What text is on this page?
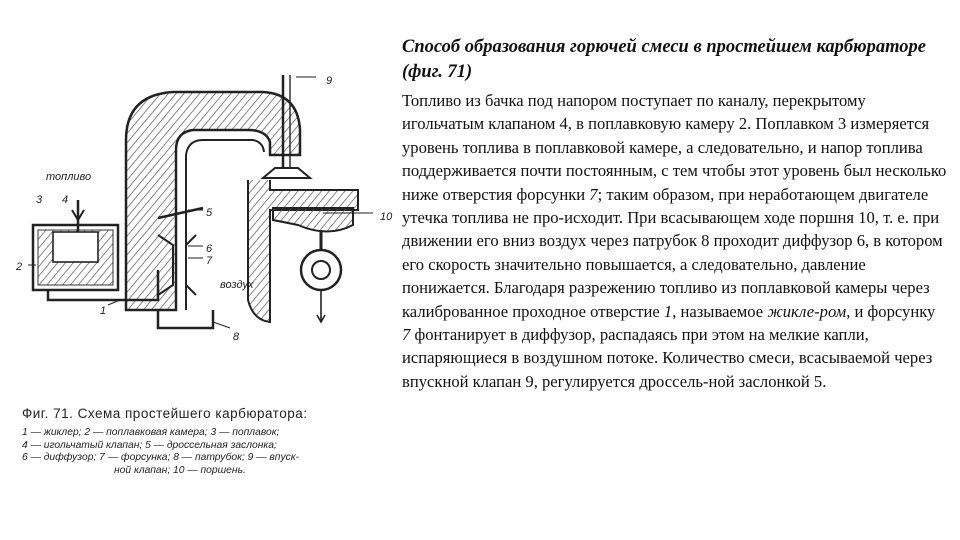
9
10
топливо
3 4
5
6
7
2
1
воздух
8
Фиг. 71. Схема простейшего карбюратора:
1 — жиклер; 2 — поплавковая камера; 3 — поплавок;
4 — игольчатый клапан; 5 — дроссельная заслонка;
6 — диффузор; 7 — форсунка; 8 — патрубок; 9 — впуск-
ной клапан; 10 — поршень.
Способ образования горючей смеси в простейшем карбюраторе (фиг. 71)

Топливо из бачка под напором поступает по каналу, перекрытому игольчатым клапаном 4, в поплавковую камеру 2. Поплавком 3 измеряется уровень топлива в поплавковой камере, а следовательно, и напор топлива поддерживается почти постоянным, с тем чтобы этот уровень был несколько ниже отверстия форсунки 7; таким образом, при неработающем двигателе утечка топлива не про-исходит. При всасывающем ходе поршня 10, т. е. при движении его вниз воздух через патрубок 8 проходит диффузор 6, в котором его скорость значительно повышается, а следовательно, давление понижается. Благодаря разрежению топливо из поплавковой камеры через калиброванное проходное отверстие 1, называемое жикле-ром, и форсунку 7 фонтанирует в диффузор, распадаясь при этом на мелкие капли, испаряющиеся в воздушном потоке. Количество смеси, всасываемой через впускной клапан 9, регулируется дроссель-ной заслонкой 5.
